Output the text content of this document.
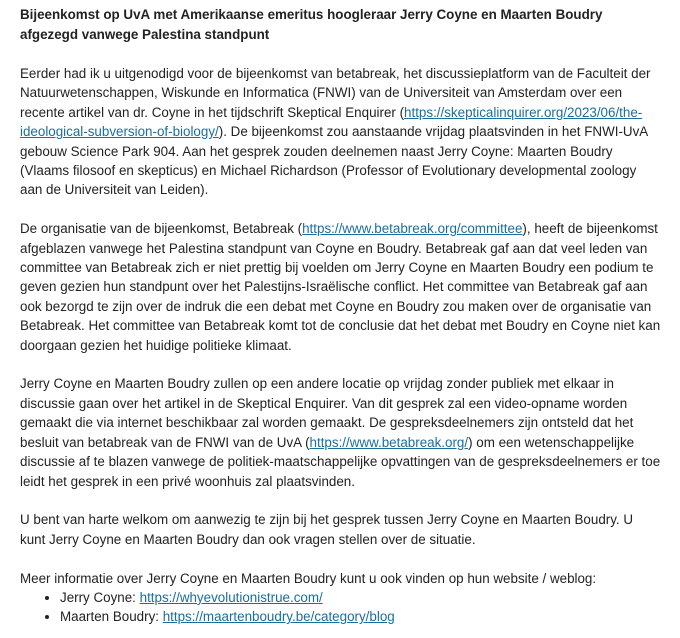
Bijeenkomst op UvA met Amerikaanse emeritus hoogleraar Jerry Coyne en Maarten Boudry afgezegd vanwege Palestina standpunt

Eerder had ik u uitgenodigd voor de bijeenkomst van betabreak, het discussieplatform van de Faculteit der Natuurwetenschappen, Wiskunde en Informatica (FNWI) van de Universiteit van Amsterdam over een recente artikel van dr. Coyne in het tijdschrift Skeptical Enquirer (https://skepticalinquirer.org/2023/06/the-ideological-subversion-of-biology/). De bijeenkomst zou aanstaande vrijdag plaatsvinden in het FNWI-UvA gebouw Science Park 904. Aan het gesprek zouden deelnemen naast Jerry Coyne: Maarten Boudry (Vlaams filosoof en skepticus) en Michael Richardson (Professor of Evolutionary developmental zoology aan de Universiteit van Leiden).

De organisatie van de bijeenkomst, Betabreak (https://www.betabreak.org/committee), heeft de bijeenkomst afgeblazen vanwege het Palestina standpunt van Coyne en Boudry. Betabreak gaf aan dat veel leden van committee van Betabreak zich er niet prettig bij voelden om Jerry Coyne en Maarten Boudry een podium te geven gezien hun standpunt over het Palestijns-Israëlische conflict. Het committee van Betabreak gaf aan ook bezorgd te zijn over de indruk die een debat met Coyne en Boudry zou maken over de organisatie van Betabreak. Het committee van Betabreak komt tot de conclusie dat het debat met Boudry en Coyne niet kan doorgaan gezien het huidige politieke klimaat.

Jerry Coyne en Maarten Boudry zullen op een andere locatie op vrijdag zonder publiek met elkaar in discussie gaan over het artikel in de Skeptical Enquirer. Van dit gesprek zal een video-opname worden gemaakt die via internet beschikbaar zal worden gemaakt. De gespreksdeelnemers zijn ontsteld dat het besluit van betabreak van de FNWI van de UvA (https://www.betabreak.org/) om een wetenschappelijke discussie af te blazen vanwege de politiek-maatschappelijke opvattingen van de gespreksdeelnemers er toe leidt het gesprek in een privé woonhuis zal plaatsvinden.

U bent van harte welkom om aanwezig te zijn bij het gesprek tussen Jerry Coyne en Maarten Boudry. U kunt Jerry Coyne en Maarten Boudry dan ook vragen stellen over de situatie.

Meer informatie over Jerry Coyne en Maarten Boudry kunt u ook vinden op hun website / weblog:

• Jerry Coyne: https://whyevolutionistrue.com/
• Maarten Boudry: https://maartenboudry.be/category/blog
